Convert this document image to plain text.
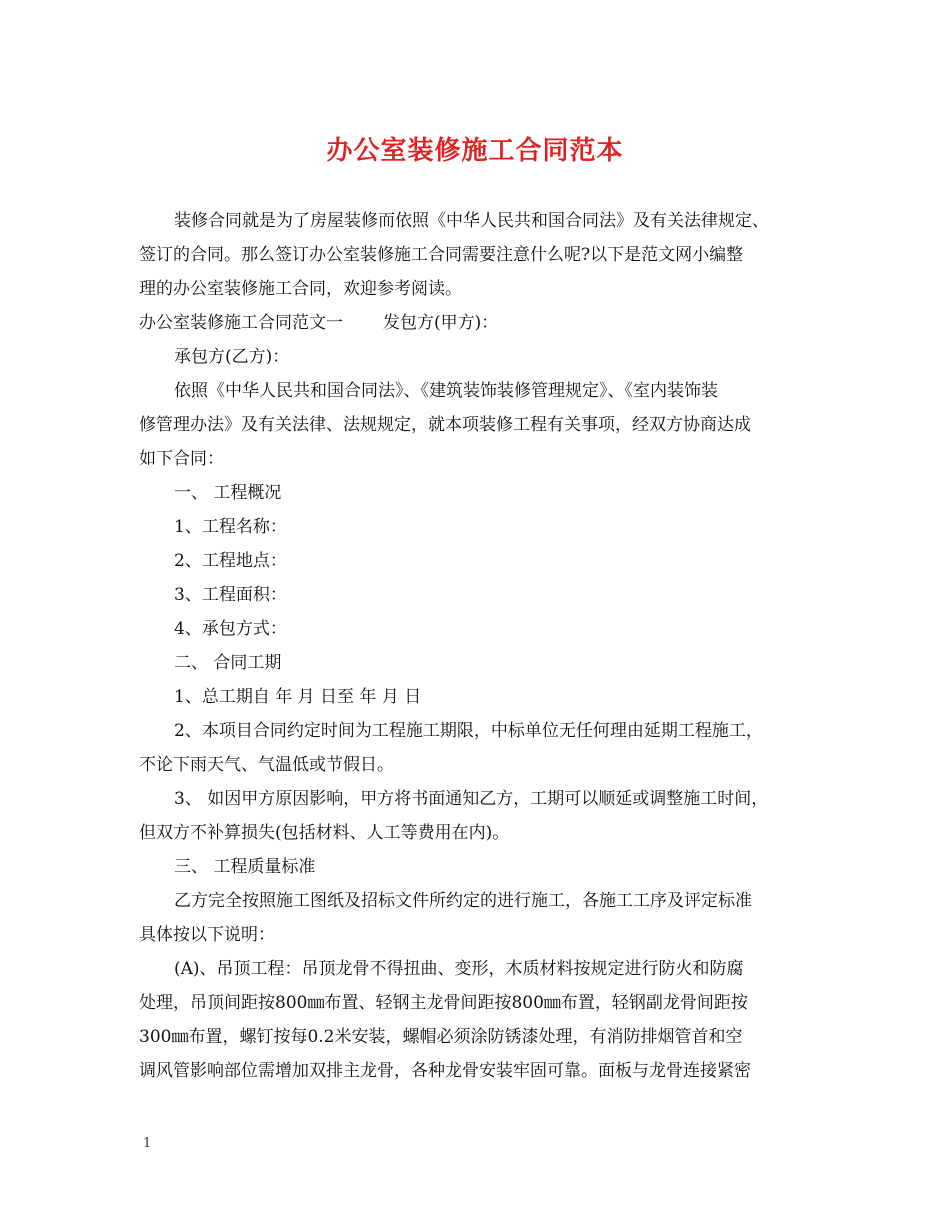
办公室装修施工合同范本

装修合同就是为了房屋装修而依照《中华人民共和国合同法》及有关法律规定、

签订的合同。那么签订办公室装修施工合同需要注意什么呢?以下是范文网小编整

理的办公室装修施工合同，欢迎参考阅读。

办公室装修施工合同范文一 发包方(甲方)：

承包方(乙方)：

依照《中华人民共和国合同法》、《建筑装饰装修管理规定》、《室内装饰装

修管理办法》及有关法律、法规规定，就本项装修工程有关事项，经双方协商达成

如下合同：

一、 工程概况

1、工程名称：

2、工程地点：

3、工程面积：

4、承包方式：

二、 合同工期

1、总工期自 年 月 日至 年 月 日

2、本项目合同约定时间为工程施工期限，中标单位无任何理由延期工程施工，

不论下雨天气、气温低或节假日。

3、 如因甲方原因影响，甲方将书面通知乙方，工期可以顺延或调整施工时间，

但双方不补算损失(包括材料、人工等费用在内)。

三、 工程质量标准

乙方完全按照施工图纸及招标文件所约定的进行施工，各施工工序及评定标准

具体按以下说明：

(A)、吊顶工程：吊顶龙骨不得扭曲、变形，木质材料按规定进行防火和防腐

处理，吊顶间距按800㎜布置、轻钢主龙骨间距按800㎜布置，轻钢副龙骨间距按

300㎜布置，螺钉按每0.2米安装，螺帽必须涂防锈漆处理，有消防排烟管首和空

调风管影响部位需增加双排主龙骨，各种龙骨安装牢固可靠。面板与龙骨连接紧密

1
